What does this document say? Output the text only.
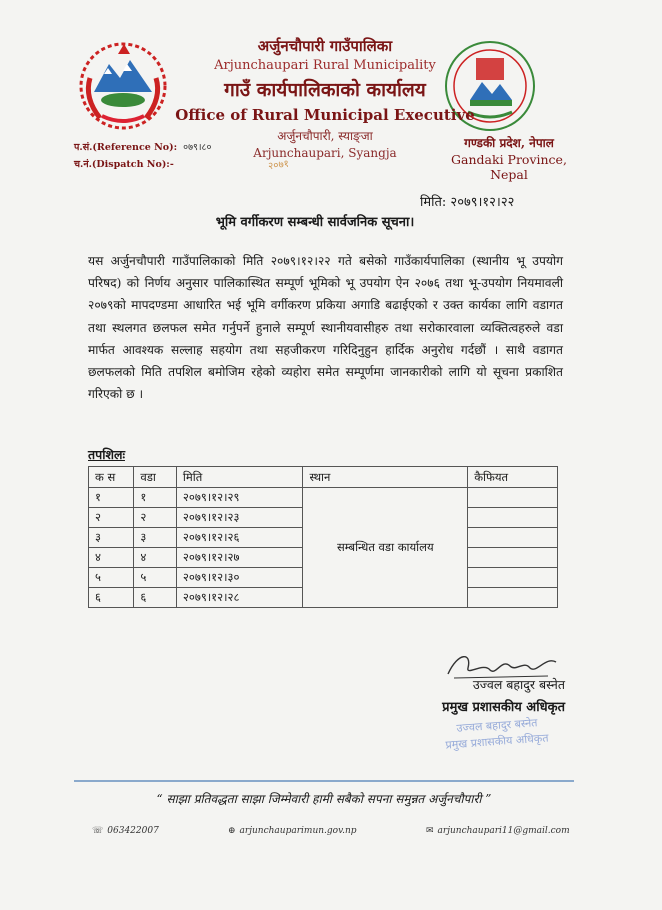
अर्जुनचौपारी गाउँपालिका
Arjunchaupari Rural Municipality
गाउँ कार्यपालिकाको कार्यालय
Office of Rural Municipal Executive
अर्जुनचौपारी, स्याङ्जा
Arjunchaupari, Syangja
२०७१
प.सं.(Reference No): ०७९।८०
च.नं.(Dispatch No):-
गण्डकी प्रदेश, नेपाल
Gandaki Province, Nepal
मिति: २०७९।१२।२२
भूमि वर्गीकरण सम्बन्धी सार्वजनिक सूचना।
यस अर्जुनचौपारी गाउँपालिकाको मिति २०७९।१२।२२ गते बसेको गाउँकार्यपालिका (स्थानीय भू उपयोग परिषद) को निर्णय अनुसार पालिकास्थित सम्पूर्ण भूमिको भू उपयोग ऐन २०७६ तथा भू-उपयोग नियमावली २०७९को मापदण्डमा आधारित भई भूमि वर्गीकरण प्रकिया अगाडि बढाईएको र उक्त कार्यका लागि वडागत तथा स्थलगत छलफल समेत गर्नुपर्ने हुनाले सम्पूर्ण स्थानीयवासीहरु तथा सरोकारवाला व्यक्तित्वहरुले वडा मार्फत आवश्यक सल्लाह सहयोग तथा सहजीकरण गरिदिनुहुन हार्दिक अनुरोध गर्दछौं । साथै वडागत छलफलको मिति तपशिल बमोजिम रहेको व्यहोरा समेत सम्पूर्णमा जानकारीको लागि यो सूचना प्रकाशित गरिएको छ ।
तपशिलः
क स	वडा	मिति	स्थान	कैफियत
१	१	२०७९।१२।२९	सम्बन्धित वडा कार्यालय	
२	२	२०७९।१२।२३		
३	३	२०७९।१२।२६		
४	४	२०७९।१२।२७		
५	५	२०७९।१२।३०		
६	६	२०७९।१२।२८		
उज्वल बहादुर बस्नेत
प्रमुख प्रशासकीय अधिकृत
उज्वल बहादुर बस्नेत
प्रमुख प्रशासकीय अधिकृत
“ साझा प्रतिवद्धता साझा जिम्मेवारी हामी सबैको सपना समुन्नत अर्जुनचौपारी ”
☏ 063422007	⊕ arjunchauparimun.gov.np	✉ arjunchaupari11@gmail.com
